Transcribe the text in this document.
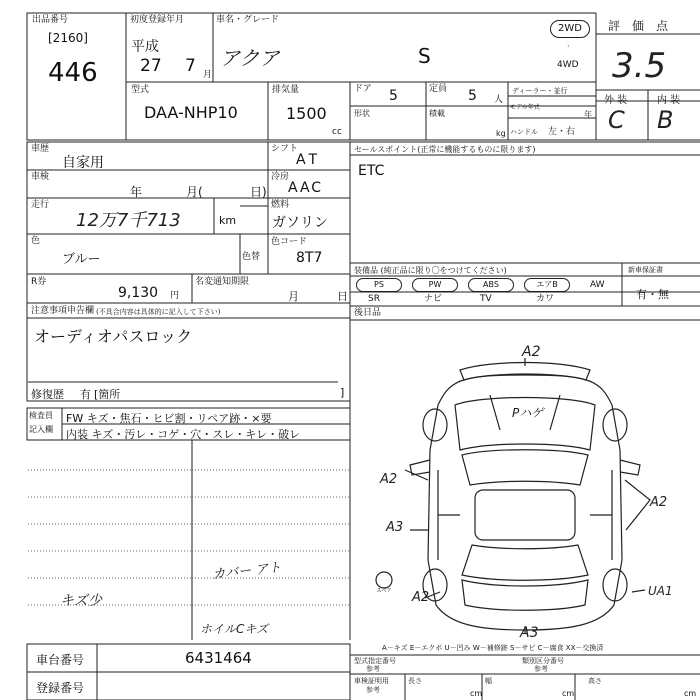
出品番号
[2160]
446
初度登録年月
平成
27 7 月
車名・グレード
アクア	S
2WD
·
4WD
評　価　点
3.5
型式
DAA-NHP10
排気量
1500
cc
ドア 5	定員 5 人
形状	積載
kg
ディーラー・並行
モデル年式
年
ハンドル 左・右
外 装	内 装
C B
車歴
自家用
車検
年	月(	日)
走行
12万7千713	km
色
ブルー	色替
シフト
AT
冷房
AAC
燃料
ガソリン
色コード
8T7
R券
9,130 円
名変通知期限
月	日
注意事項申告欄 (不具合内容は具体的に記入して下さい)
オーディオパスロック
修復歴 有 [箇所	]
セールスポイント(正常に機能するものに限ります)
ETC
装備品 (純正品に限り〇をつけてください)	新車保証書
有・無
PS	PW	ABS	エアB	AW
SR	ナビ	TV	カワ
後日品
検査員
記入欄
FW キズ・焦石・ヒビ割・リペア跡・×要
内装 キズ・汚レ・コゲ・穴・スレ・キレ・破レ
カバー アト
キズ少
ホイルCキズ
スペア
A2
Pハゲ
A2
A2
A3
A2	UA1
A3
A－キズ E－エクボ U－凹み W－補修跡 S－サビ C－腐食 XX－交換済
車台番号	6431464
登録番号
型式指定番号
参考
類別区分番号
参考
車検証明用
参考
長さ	幅	高さ
cm	cm	cm
